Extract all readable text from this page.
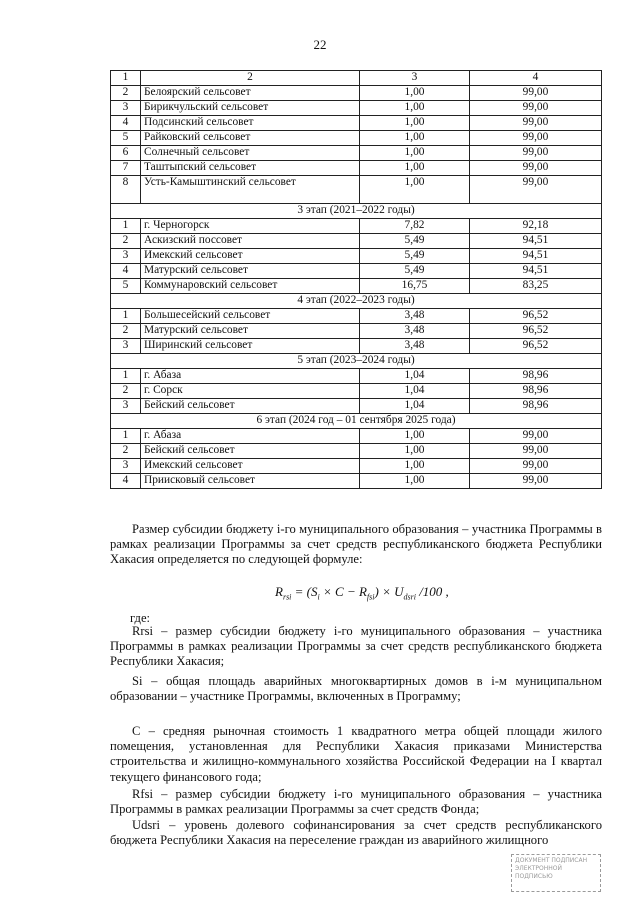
22
1	2	3	4
2	Белоярский сельсовет	1,00	99,00
3	Бирикчульский сельсовет	1,00	99,00
4	Подсинский сельсовет	1,00	99,00
5	Райковский сельсовет	1,00	99,00
6	Солнечный сельсовет	1,00	99,00
7	Таштыпский сельсовет	1,00	99,00
8	Усть-Камыштинский сельсовет	1,00	99,00
3 этап (2021–2022 годы)			
1	г. Черногорск	7,82	92,18
2	Аскизский поссовет	5,49	94,51
3	Имекский сельсовет	5,49	94,51
4	Матурский сельсовет	5,49	94,51
5	Коммунаровский сельсовет	16,75	83,25
4 этап (2022–2023 годы)			
1	Большесейский сельсовет	3,48	96,52
2	Матурский сельсовет	3,48	96,52
3	Ширинский сельсовет	3,48	96,52
5 этап (2023–2024 годы)			
1	г. Абаза	1,04	98,96
2	г. Сорск	1,04	98,96
3	Бейский сельсовет	1,04	98,96
6 этап (2024 год – 01 сентября 2025 года)			
1	г. Абаза	1,00	99,00
2	Бейский сельсовет	1,00	99,00
3	Имекский сельсовет	1,00	99,00
4	Приисковый сельсовет	1,00	99,00
Размер субсидии бюджету i-го муниципального образования – участника Программы в рамках реализации Программы за счет средств республиканского бюджета Республики Хакасия определяется по следующей формуле:
$R_{rsi} = (S_i \times C - R_{fsi}) \times U_{dsri}$ /100 ,
где:
Rrsi – размер субсидии бюджету i-го муниципального образования – участника Программы в рамках реализации Программы за счет средств республиканского бюджета Республики Хакасия;
Si – общая площадь аварийных многоквартирных домов в i-м муниципальном образовании – участнике Программы, включенных в Программу;
С – средняя рыночная стоимость 1 квадратного метра общей площади жилого помещения, установленная для Республики Хакасия приказами Министерства строительства и жилищно-коммунального хозяйства Российской Федерации на I квартал текущего финансового года;
Rfsi – размер субсидии бюджету i-го муниципального образования – участника Программы в рамках реализации Программы за счет средств Фонда;
Udsri – уровень долевого софинансирования за счет средств республиканского бюджета Республики Хакасия на переселение граждан из аварийного жилищного
ДОКУМЕНТ ПОДПИСАН ЭЛЕКТРОННОЙ ПОДПИСЬЮ
